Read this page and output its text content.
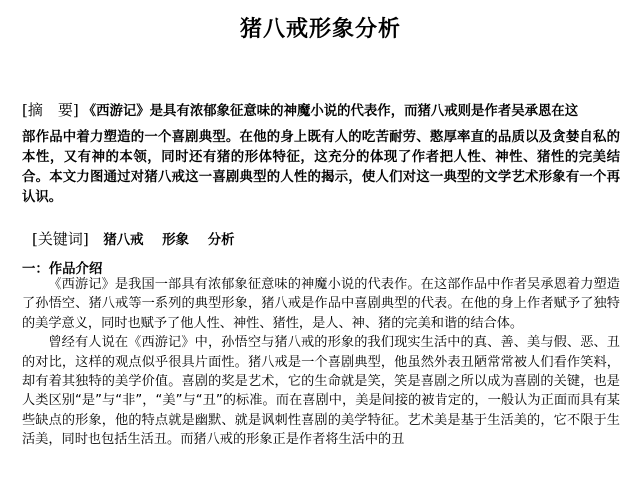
猪八戒形象分析
[摘　要] 《西游记》是具有浓郁象征意味的神魔小说的代表作，而猪八戒则是作者吴承恩在这
部作品中着力塑造的一个喜剧典型。在他的身上既有人的吃苦耐劳、憨厚率直的品质以及贪婪自私的本性，又有神的本领，同时还有猪的形体特征，这充分的体现了作者把人性、神性、猪性的完美结合。本文力图通过对猪八戒这一喜剧典型的人性的揭示，使人们对这一典型的文学艺术形象有一个再认识。
[关键词] 猪八戒 形象 分析
一：作品介绍

《西游记》是我国一部具有浓郁象征意味的神魔小说的代表作。在这部作品中作者吴承恩着力塑造了孙悟空、猪八戒等一系列的典型形象，猪八戒是作品中喜剧典型的代表。在他的身上作者赋予了独特的美学意义，同时也赋予了他人性、神性、猪性，是人、神、猪的完美和谐的结合体。

曾经有人说在《西游记》中，孙悟空与猪八戒的形象的我们现实生活中的真、善、美与假、恶、丑的对比，这样的观点似乎很具片面性。猪八戒是一个喜剧典型，他虽然外表丑陋常常被人们看作笑料，却有着其独特的美学价值。喜剧的奖是艺术，它的生命就是笑，笑是喜剧之所以成为喜剧的关键，也是人类区别“是”与“非”，“美”与“丑”的标准。而在喜剧中，美是间接的被肯定的，一般认为正面而具有某些缺点的形象，他的特点就是幽默、就是讽刺性喜剧的美学特征。艺术美是基于生活美的，它不限于生活美，同时也包括生活丑。而猪八戒的形象正是作者将生活中的丑
